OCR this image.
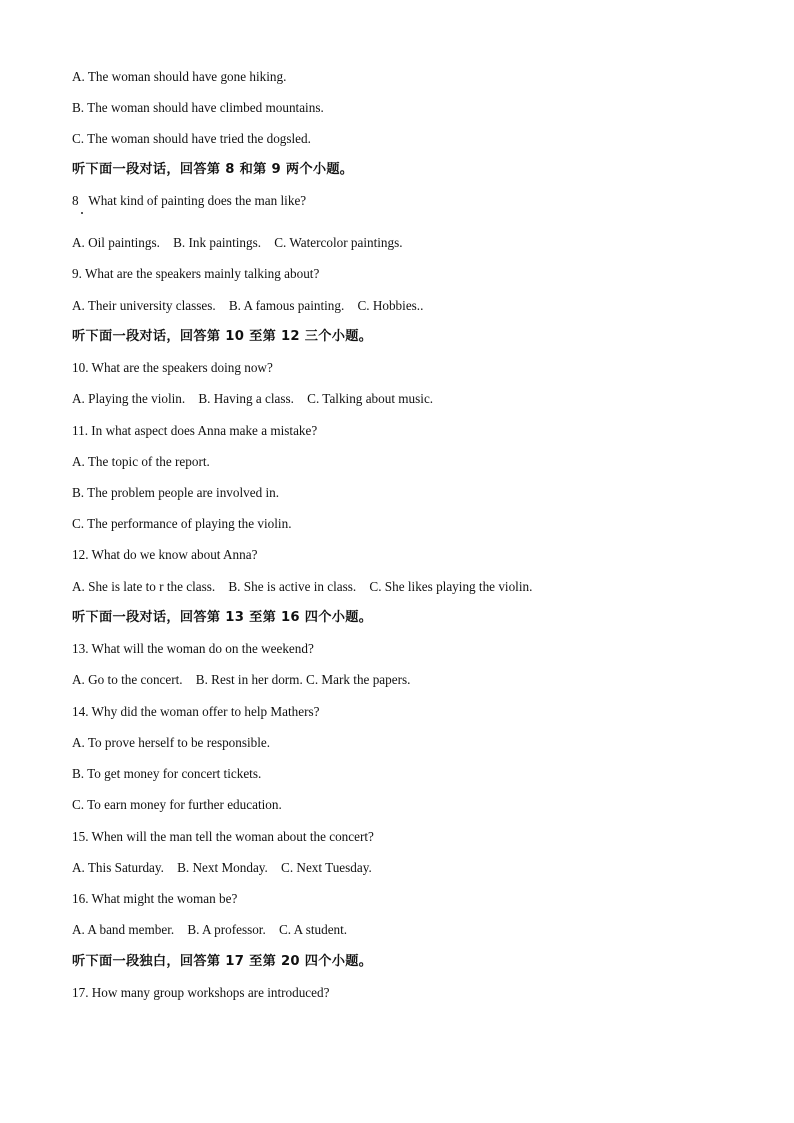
A. The woman should have gone hiking.
B. The woman should have climbed mountains.
C. The woman should have tried the dogsled.
听下面一段对话，回答第 8 和第 9 两个小题。
8   What kind of painting does the man like?
A. Oil paintings.    B. Ink paintings.    C. Watercolor paintings.
9. What are the speakers mainly talking about?
A. Their university classes.    B. A famous painting.    C. Hobbies..
听下面一段对话，回答第 10 至第 12 三个小题。
10. What are the speakers doing now?
A. Playing the violin.    B. Having a class.    C. Talking about music.
11. In what aspect does Anna make a mistake?
A. The topic of the report.
B. The problem people are involved in.
C. The performance of playing the violin.
12. What do we know about Anna?
A. She is late to r the class.    B. She is active in class.    C. She likes playing the violin.
听下面一段对话，回答第 13 至第 16 四个小题。
13. What will the woman do on the weekend?
A. Go to the concert.    B. Rest in her dorm. C. Mark the papers.
14. Why did the woman offer to help Mathers?
A. To prove herself to be responsible.
B. To get money for concert tickets.
C. To earn money for further education.
15. When will the man tell the woman about the concert?
A. This Saturday.    B. Next Monday.    C. Next Tuesday.
16. What might the woman be?
A. A band member.    B. A professor.    C. A student.
听下面一段独白，回答第 17 至第 20 四个小题。
17. How many group workshops are introduced?
